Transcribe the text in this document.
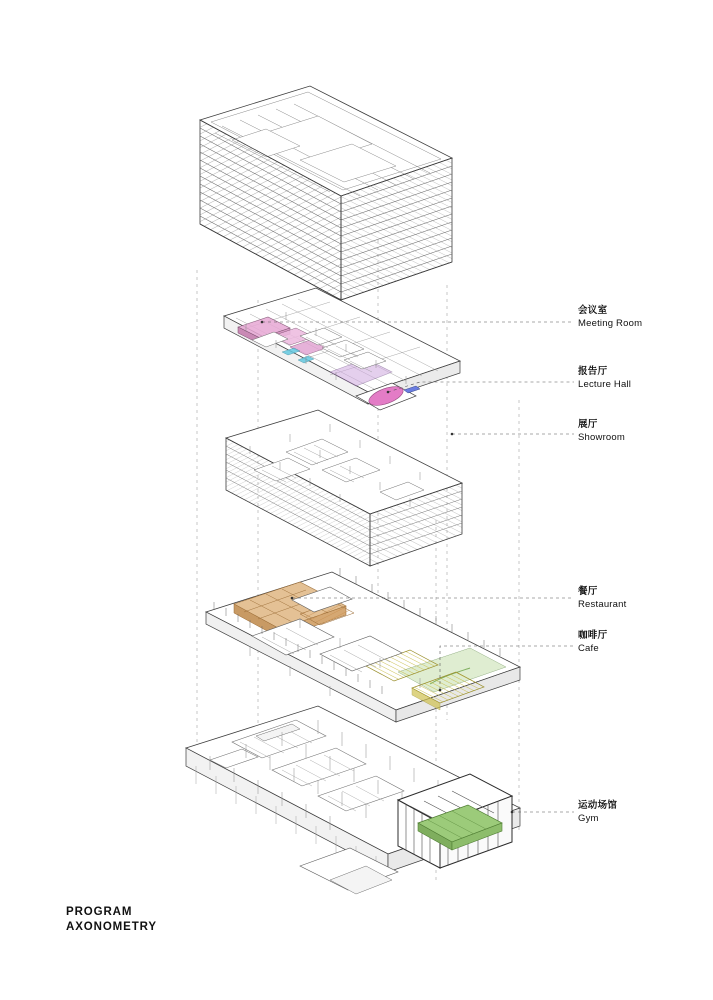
会议室
Meeting Room
报告厅
Lecture Hall
展厅
Showroom
餐厅
Restaurant
咖啡厅
Cafe
运动场馆
Gym
PROGRAM
AXONOMETRY
